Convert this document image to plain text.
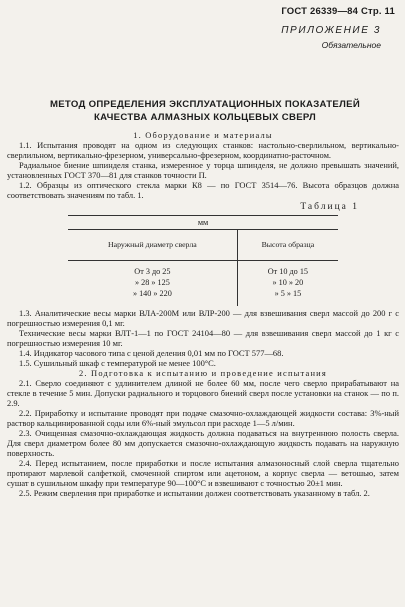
ГОСТ 26339—84 Стр. 11
ПРИЛОЖЕНИЕ 3
Обязательное
МЕТОД ОПРЕДЕЛЕНИЯ ЭКСПЛУАТАЦИОННЫХ ПОКАЗАТЕЛЕЙ
КАЧЕСТВА АЛМАЗНЫХ КОЛЬЦЕВЫХ СВЕРЛ

1. Оборудование и материалы

1.1. Испытания проводят на одном из следующих станков: настольно-сверлильном, вертикально-сверлильном, вертикально-фрезерном, универсально-фрезерном, координатно-расточном.

Радиальное биение шпинделя станка, измеренное у торца шпинделя, не должно превышать значений, установленных ГОСТ 370—81 для станков точности П.

1.2. Образцы из оптического стекла марки К8 — по ГОСТ 3514—76. Высота образцов должна соответствовать значениям по табл. 1.

Таблица 1
мм	
Наружный диаметр сверла	Высота образца

От 3 до 25	От 10 до 15
» 28 » 125	» 10 » 20
» 140 » 220	» 5 » 15

1.3. Аналитические весы марки ВЛА-200М или ВЛР-200 — для взвешивания сверл массой до 200 г с погрешностью измерения 0,1 мг.

Технические весы марки ВЛТ-1—1 по ГОСТ 24104—80 — для взвешивания сверл массой до 1 кг с погрешностью измерения 10 мг.

1.4. Индикатор часового типа с ценой деления 0,01 мм по ГОСТ 577—68.

1.5. Сушильный шкаф с температурой не менее 100°С.

2. Подготовка к испытанию и проведение испытания

2.1. Сверло соединяют с удлинителем длиной не более 60 мм, после чего сверло прирабатывают на стекле в течение 5 мин. Допуски радиального и торцового биений сверл после установки на станок — по п. 2.9.

2.2. Приработку и испытание проводят при подаче смазочно-охлаждающей жидкости состава: 3%-ный раствор кальцинированной соды или 6%-ный эмульсол при расходе 1—5 л/мин.

2.3. Очищенная смазочно-охлаждающая жидкость должна подаваться на внутреннюю полость сверла. Для сверл диаметром более 80 мм допускается смазочно-охлаждающую жидкость подавать на наружную поверхность.

2.4. Перед испытанием, после приработки и после испытания алмазоносный слой сверла тщательно протирают марлевой салфеткой, смоченной спиртом или ацетоном, а корпус сверла — ветошью, затем сушат в сушильном шкафу при температуре 90—100°С и взвешивают с точностью 20±1 мин.

2.5. Режим сверления при приработке и испытании должен соответствовать указанному в табл. 2.
